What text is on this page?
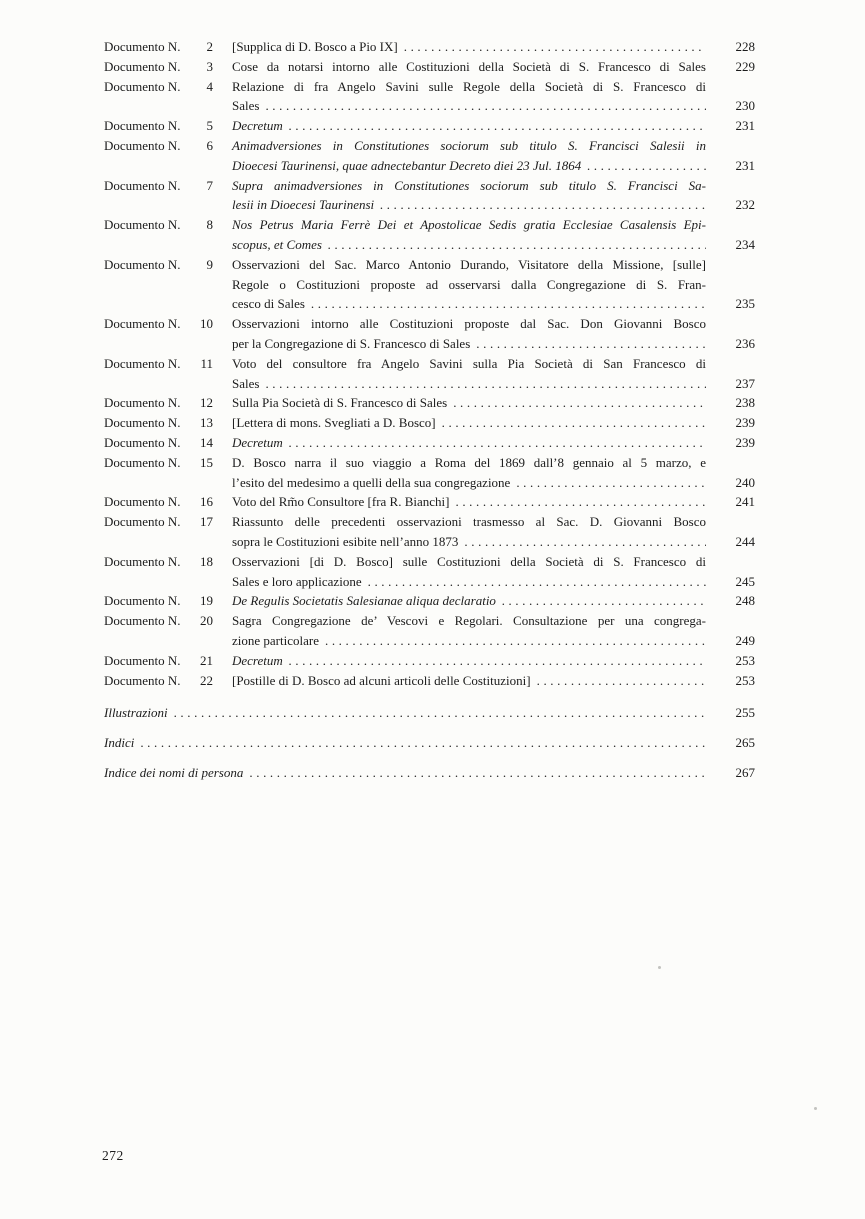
Documento N. 2	[Supplica di D. Bosco a Pio IX] .....	228
Documento N. 3	Cose da notarsi intorno alle Costituzioni della Società di S. Francesco di Sales	229
Documento N. 4	Relazione di fra Angelo Savini sulle Regole della Società di S. Francesco di
Sales .....	230
Documento N. 5	Decretum .....	231
Documento N. 6	Animadversiones in Constitutiones sociorum sub titulo S. Francisci Salesii in
Dioecesi Taurinensi, quae adnectebantur Decreto diei 23 Jul. 1864 .....	231
Documento N. 7	Supra animadversiones in Constitutiones sociorum sub titulo S. Francisci Sa-
lesii in Dioecesi Taurinensi .....	232
Documento N. 8	Nos Petrus Maria Ferrè Dei et Apostolicae Sedis gratia Ecclesiae Casalensis Epi-
scopus, et Comes .....	234
Documento N. 9	Osservazioni del Sac. Marco Antonio Durando, Visitatore della Missione, [sulle]
Regole o Costituzioni proposte ad osservarsi dalla Congregazione di S. Fran-
cesco di Sales .....	235
Documento N. 10	Osservazioni intorno alle Costituzioni proposte dal Sac. Don Giovanni Bosco
per la Congregazione di S. Francesco di Sales .....	236
Documento N. 11	Voto del consultore fra Angelo Savini sulla Pia Società di San Francesco di
Sales .....	237
Documento N. 12	Sulla Pia Società di S. Francesco di Sales .....	238
Documento N. 13	[Lettera di mons. Svegliati a D. Bosco] .....	239
Documento N. 14	Decretum .....	239
Documento N. 15	D. Bosco narra il suo viaggio a Roma del 1869 dall’8 gennaio al 5 marzo, e
l’esito del medesimo a quelli della sua congregazione .....	240
Documento N. 16	Voto del Rm̃o Consultore [fra R. Bianchi] .....	241
Documento N. 17	Riassunto delle precedenti osservazioni trasmesso al Sac. D. Giovanni Bosco
sopra le Costituzioni esibite nell’anno 1873 .....	244
Documento N. 18	Osservazioni [di D. Bosco] sulle Costituzioni della Società di S. Francesco di
Sales e loro applicazione .....	245
Documento N. 19	De Regulis Societatis Salesianae aliqua declaratio .....	248
Documento N. 20	Sagra Congregazione de’ Vescovi e Regolari. Consultazione per una congrega-
zione particolare .....	249
Documento N. 21	Decretum .....	253
Documento N. 22	[Postille di D. Bosco ad alcuni articoli delle Costituzioni] .....	253
Illustrazioni .....	255
Indici .....	265
Indice dei nomi di persona .....	267
272
